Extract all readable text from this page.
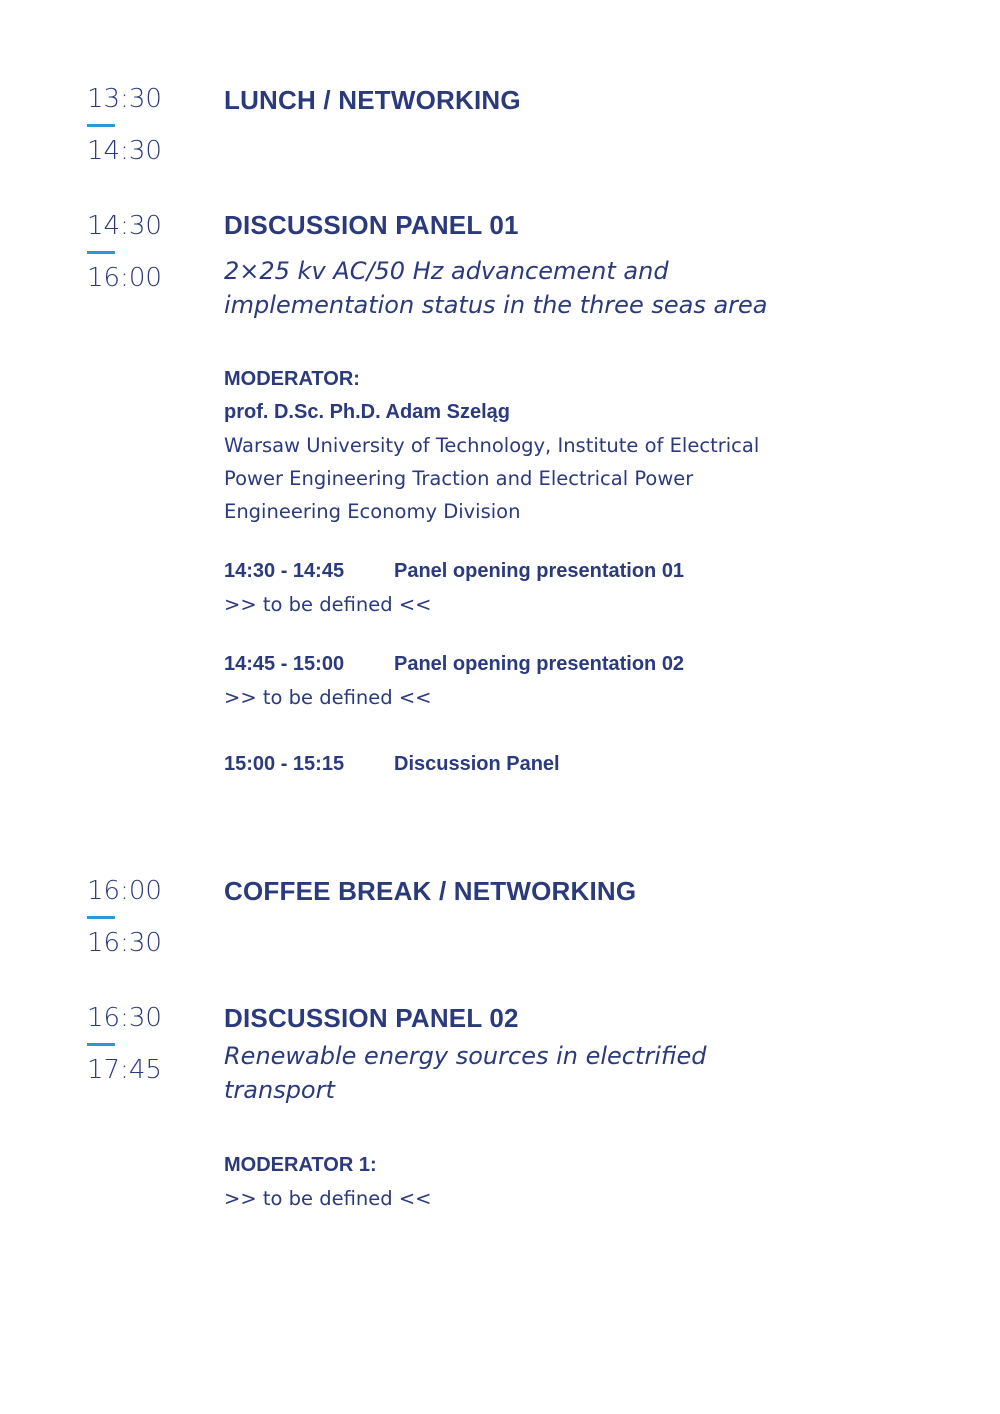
13:30
14:30
LUNCH / NETWORKING
14:30
16:00
DISCUSSION PANEL 01
2×25 kv AC/50 Hz advancement and
implementation status in the three seas area
MODERATOR:
prof. D.Sc. Ph.D. Adam Szeląg
Warsaw University of Technology, Institute of Electrical
Power Engineering Traction and Electrical Power
Engineering Economy Division
14:30 - 14:45	Panel opening presentation 01
>> to be defined <<
14:45 - 15:00	Panel opening presentation 02
>> to be defined <<
15:00 - 15:15	Discussion Panel
16:00
16:30
COFFEE BREAK / NETWORKING
16:30
17:45
DISCUSSION PANEL 02
Renewable energy sources in electrified
transport
MODERATOR 1:
>> to be defined <<
